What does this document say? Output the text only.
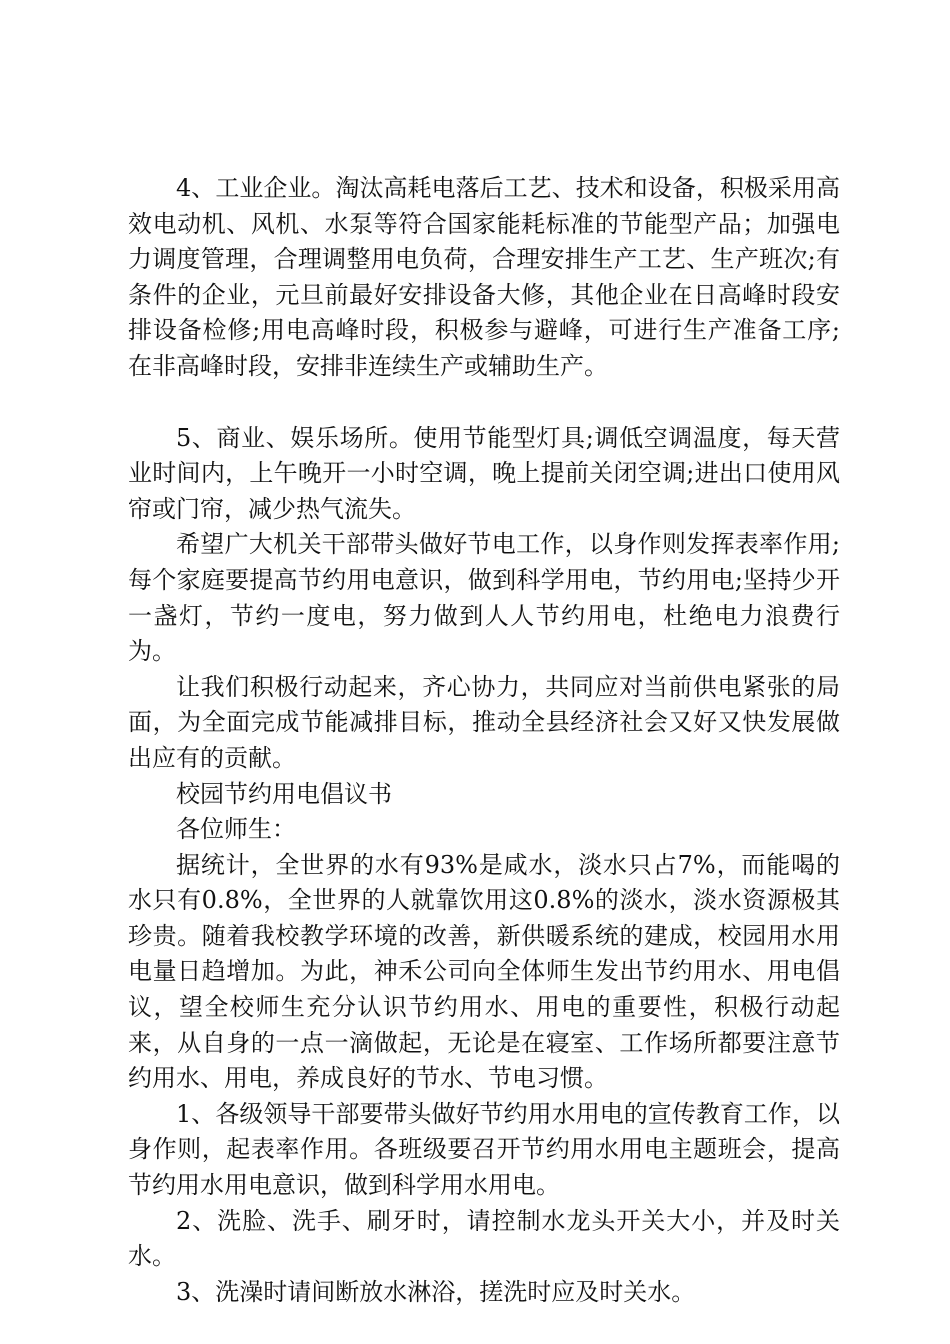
4、工业企业。淘汰高耗电落后工艺、技术和设备，积极采用高效电动机、风机、水泵等符合国家能耗标准的节能型产品；加强电力调度管理，合理调整用电负荷，合理安排生产工艺、生产班次;有条件的企业，元旦前最好安排设备大修，其他企业在日高峰时段安排设备检修;用电高峰时段，积极参与避峰，可进行生产准备工序;在非高峰时段，安排非连续生产或辅助生产。

5、商业、娱乐场所。使用节能型灯具;调低空调温度，每天营业时间内，上午晚开一小时空调，晚上提前关闭空调;进出口使用风帘或门帘，减少热气流失。

希望广大机关干部带头做好节电工作，以身作则发挥表率作用;每个家庭要提高节约用电意识，做到科学用电，节约用电;坚持少开一盏灯，节约一度电，努力做到人人节约用电，杜绝电力浪费行为。

让我们积极行动起来，齐心协力，共同应对当前供电紧张的局面，为全面完成节能减排目标，推动全县经济社会又好又快发展做出应有的贡献。

校园节约用电倡议书

各位师生：

据统计，全世界的水有93%是咸水，淡水只占7%，而能喝的水只有0.8%，全世界的人就靠饮用这0.8%的淡水，淡水资源极其珍贵。随着我校教学环境的改善，新供暖系统的建成，校园用水用电量日趋增加。为此，神禾公司向全体师生发出节约用水、用电倡议，望全校师生充分认识节约用水、用电的重要性，积极行动起来，从自身的一点一滴做起，无论是在寝室、工作场所都要注意节约用水、用电，养成良好的节水、节电习惯。

1、各级领导干部要带头做好节约用水用电的宣传教育工作，以身作则，起表率作用。各班级要召开节约用水用电主题班会，提高节约用水用电意识，做到科学用水用电。

2、洗脸、洗手、刷牙时，请控制水龙头开关大小，并及时关水。

3、洗澡时请间断放水淋浴，搓洗时应及时关水。
